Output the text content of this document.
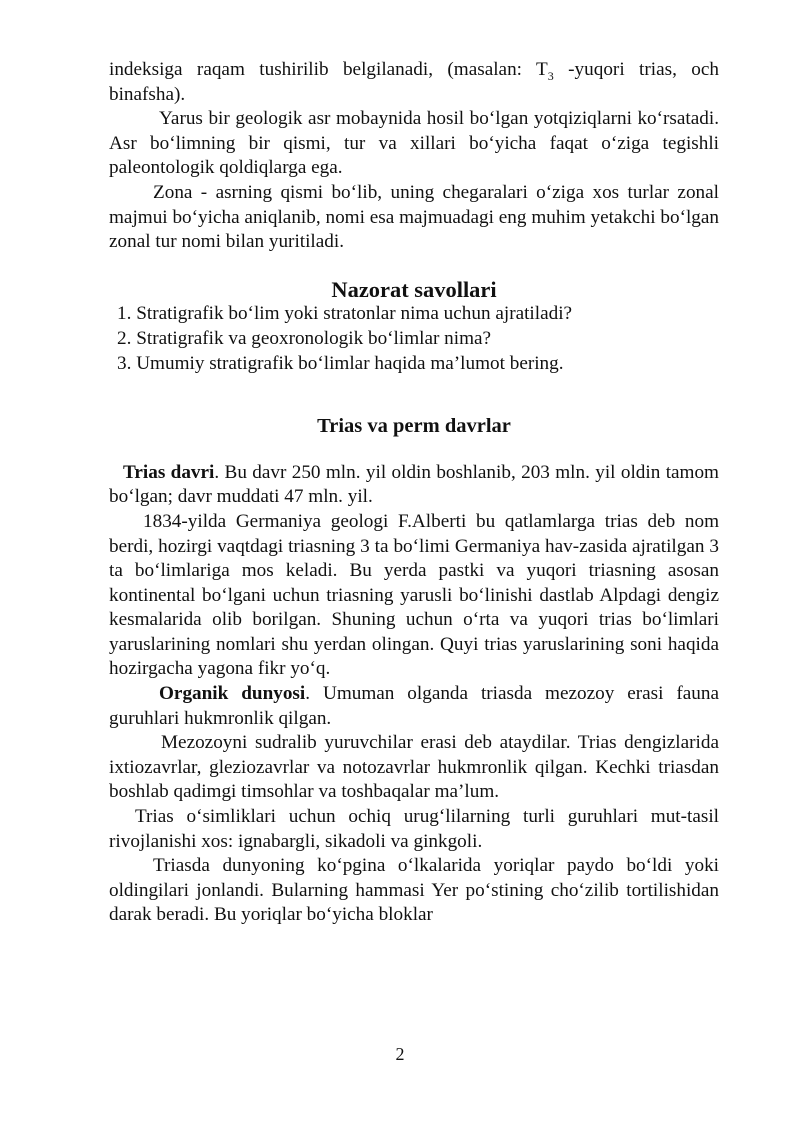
indeksiga raqam tushirilib belgilanadi, (masalan: $T_3$ -yuqori trias, och binafsha).

Yarus bir geologik asr mobaynida hosil bo‘lgan yotqiziqlarni ko‘rsatadi. Asr bo‘limning bir qismi, tur va xillari bo‘yicha faqat o‘ziga tegishli paleontologik qoldiqlarga ega.

Zona - asrning qismi bo‘lib, uning chegaralari o‘ziga xos turlar zonal majmui bo‘yicha aniqlanib, nomi esa majmuadagi eng muhim yetakchi bo‘lgan zonal tur nomi bilan yuritiladi.

Nazorat savollari
1. Stratigrafik bo‘lim yoki stratonlar nima uchun ajratiladi?
2. Stratigrafik va geoxronologik bo‘limlar nima?
3. Umumiy stratigrafik bo‘limlar haqida ma’lumot bering.
Trias va perm davrlar

Trias davri. Bu davr 250 mln. yil oldin boshlanib, 203 mln. yil oldin tamom bo‘lgan; davr muddati 47 mln. yil.

1834-yilda Germaniya geologi F.Alberti bu qatlamlarga trias deb nom berdi, hozirgi vaqtdagi triasning 3 ta bo‘limi Germaniya hav-zasida ajratilgan 3 ta bo‘limlariga mos keladi. Bu yerda pastki va yuqori triasning asosan kontinental bo‘lgani uchun triasning yarusli bo‘linishi dastlab Alpdagi dengiz kesmalarida olib borilgan. Shuning uchun o‘rta va yuqori trias bo‘limlari yaruslarining nomlari shu yerdan olingan. Quyi trias yaruslarining soni haqida hozirgacha yagona fikr yo‘q.

Organik dunyosi. Umuman olganda triasda mezozoy erasi fauna guruhlari hukmronlik qilgan.

Mezozoyni sudralib yuruvchilar erasi deb ataydilar. Trias dengizlarida ixtiozavrlar, gleziozavrlar va notozavrlar hukmronlik qilgan. Kechki triasdan boshlab qadimgi timsohlar va toshbaqalar ma’lum.

Trias o‘simliklari uchun ochiq urug‘lilarning turli guruhlari mut-tasil rivojlanishi xos: ignabargli, sikadoli va ginkgoli.

Triasda dunyoning ko‘pgina o‘lkalarida yoriqlar paydo bo‘ldi yoki oldingilari jonlandi. Bularning hammasi Yer po‘stining cho‘zilib tortilishidan darak beradi. Bu yoriqlar bo‘yicha bloklar

2
